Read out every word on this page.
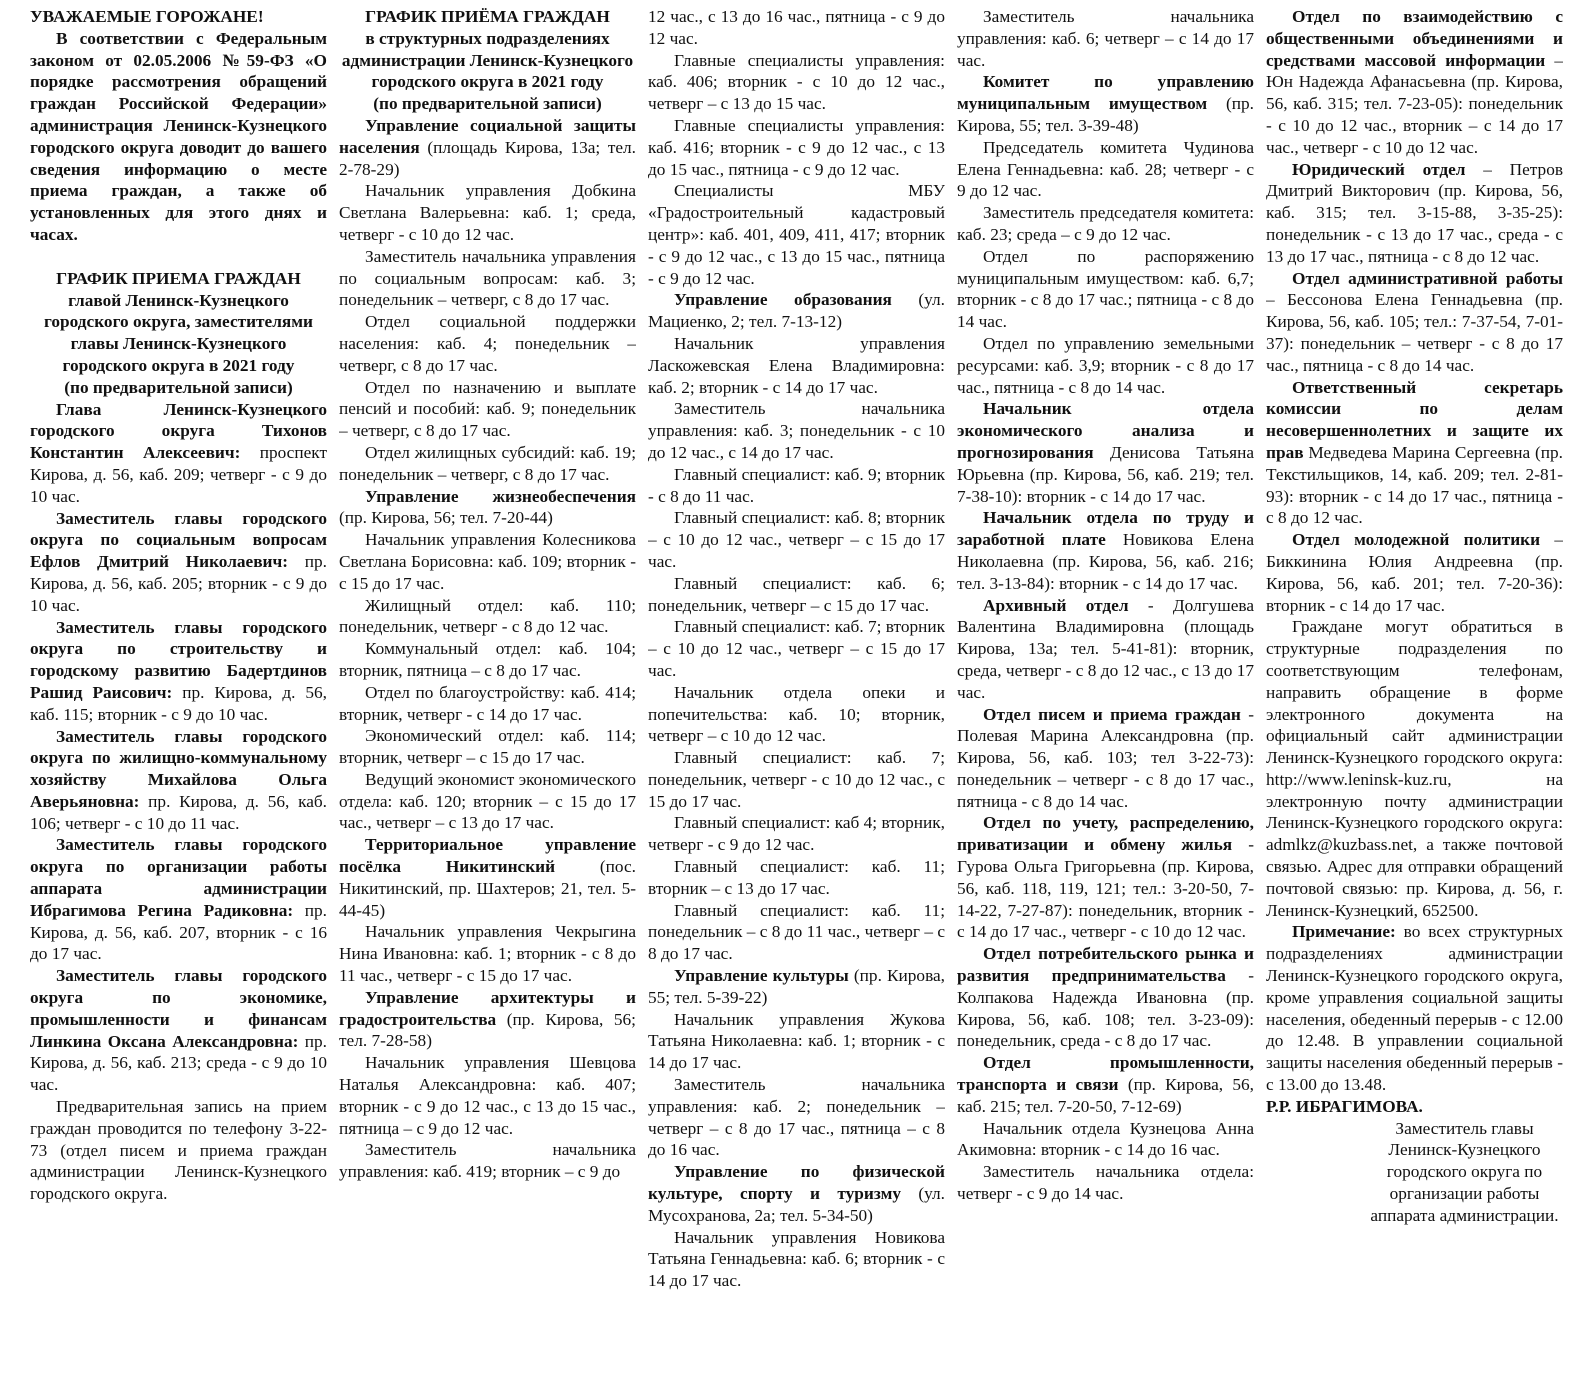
УВАЖАЕМЫЕ ГОРОЖАНЕ!

В соответствии с Федеральным законом от 02.05.2006 №59-ФЗ «О порядке рассмотрения обращений граждан Российской Федерации» администрация Ленинск-Кузнецкого городского округа доводит до вашего сведения информацию о месте приема граждан, а также об установленных для этого днях и часах.

ГРАФИК ПРИЕМА ГРАЖДАН
главой Ленинск-Кузнецкого городского округа, заместителями главы Ленинск-Кузнецкого городского округа в 2021 году
(по предварительной записи)

Глава Ленинск-Кузнецкого городского округа Тихонов Константин Алексеевич: проспект Кирова, д. 56, каб. 209; четверг - с 9 до 10 час.

Заместитель главы городского округа по социальным вопросам Ефлов Дмитрий Николаевич: пр. Кирова, д. 56, каб. 205; вторник - с 9 до 10 час.

Заместитель главы городского округа по строительству и городскому развитию Бадертдинов Рашид Раисович: пр. Кирова, д. 56, каб. 115; вторник - с 9 до 10 час.

Заместитель главы городского округа по жилищно-коммунальному хозяйству Михайлова Ольга Аверьяновна: пр. Кирова, д. 56, каб. 106; четверг - с 10 до 11 час.

Заместитель главы городского округа по организации работы аппарата администрации Ибрагимова Регина Радиковна: пр. Кирова, д. 56, каб. 207, вторник - с 16 до 17 час.

Заместитель главы городского округа по экономике, промышленности и финансам Линкина Оксана Александровна: пр. Кирова, д. 56, каб. 213; среда - с 9 до 10 час.

Предварительная запись на прием граждан проводится по телефону 3-22-73 (отдел писем и приема граждан администрации Ленинск-Кузнецкого городского округа.

ГРАФИК ПРИЁМА ГРАЖДАН
в структурных подразделениях администрации Ленинск-Кузнецкого городского округа в 2021 году
(по предварительной записи)

Управление социальной защиты населения (площадь Кирова, 13а; тел. 2-78-29)

Начальник управления Добкина Светлана Валерьевна: каб. 1; среда, четверг - с 10 до 12 час.

Заместитель начальника управления по социальным вопросам: каб. 3; понедельник – четверг, с 8 до 17 час.

Отдел социальной поддержки населения: каб. 4; понедельник – четверг, с 8 до 17 час.

Отдел по назначению и выплате пенсий и пособий: каб. 9; понедельник – четверг, с 8 до 17 час.

Отдел жилищных субсидий: каб. 19; понедельник – четверг, с 8 до 17 час.

Управление жизнеобеспечения (пр. Кирова, 56; тел. 7-20-44)

Начальник управления Колесникова Светлана Борисовна: каб. 109; вторник - с 15 до 17 час.

Жилищный отдел: каб. 110; понедельник, четверг - с 8 до 12 час.

Коммунальный отдел: каб. 104; вторник, пятница – с 8 до 17 час.

Отдел по благоустройству: каб. 414; вторник, четверг - с 14 до 17 час.

Экономический отдел: каб. 114; вторник, четверг – с 15 до 17 час.

Ведущий экономист экономического отдела: каб. 120; вторник – с 15 до 17 час., четверг – с 13 до 17 час.

Территориальное управление посёлка Никитинский (пос. Никитинский, пр. Шахтеров; 21, тел. 5-44-45)

Начальник управления Чекрыгина Нина Ивановна: каб. 1; вторник - с 8 до 11 час., четверг - с 15 до 17 час.

Управление архитектуры и градостроительства (пр. Кирова, 56; тел. 7-28-58)

Начальник управления Шевцова Наталья Александровна: каб. 407; вторник - с 9 до 12 час., с 13 до 15 час., пятница – с 9 до 12 час.

Заместитель начальника управления: каб. 419; вторник – с 9 до

12 час., с 13 до 16 час., пятница - с 9 до 12 час.

Главные специалисты управления: каб. 406; вторник - с 10 до 12 час., четверг – с 13 до 15 час.

Главные специалисты управления: каб. 416; вторник - с 9 до 12 час., с 13 до 15 час., пятница - с 9 до 12 час.

Специалисты МБУ «Градостроительный кадастровый центр»: каб. 401, 409, 411, 417; вторник - с 9 до 12 час., с 13 до 15 час., пятница - с 9 до 12 час.

Управление образования (ул. Мациенко, 2; тел. 7-13-12)

Начальник управления Ласкожевская Елена Владимировна: каб. 2; вторник - с 14 до 17 час.

Заместитель начальника управления: каб. 3; понедельник - с 10 до 12 час., с 14 до 17 час.

Главный специалист: каб. 9; вторник - с 8 до 11 час.

Главный специалист: каб. 8; вторник – с 10 до 12 час., четверг – с 15 до 17 час.

Главный специалист: каб. 6; понедельник, четверг – с 15 до 17 час.

Главный специалист: каб. 7; вторник – с 10 до 12 час., четверг – с 15 до 17 час.

Начальник отдела опеки и попечительства: каб. 10; вторник, четверг – с 10 до 12 час.

Главный специалист: каб. 7; понедельник, четверг - с 10 до 12 час., с 15 до 17 час.

Главный специалист: каб 4; вторник, четверг - с 9 до 12 час.

Главный специалист: каб. 11; вторник – с 13 до 17 час.

Главный специалист: каб. 11; понедельник – с 8 до 11 час., четверг – с 8 до 17 час.

Управление культуры (пр. Кирова, 55; тел. 5-39-22)

Начальник управления Жукова Татьяна Николаевна: каб. 1; вторник - с 14 до 17 час.

Заместитель начальника управления: каб. 2; понедельник – четверг – с 8 до 17 час., пятница – с 8 до 16 час.

Управление по физической культуре, спорту и туризму (ул. Мусохранова, 2а; тел. 5-34-50)

Начальник управления Новикова Татьяна Геннадьевна: каб. 6; вторник - с 14 до 17 час.

Заместитель начальника управления: каб. 6; четверг – с 14 до 17 час.

Комитет по управлению муниципальным имуществом (пр. Кирова, 55; тел. 3-39-48)

Председатель комитета Чудинова Елена Геннадьевна: каб. 28; четверг - с 9 до 12 час.

Заместитель председателя комитета: каб. 23; среда – с 9 до 12 час.

Отдел по распоряжению муниципальным имуществом: каб. 6,7; вторник - с 8 до 17 час.; пятница - с 8 до 14 час.

Отдел по управлению земельными ресурсами: каб. 3,9; вторник - с 8 до 17 час., пятница - с 8 до 14 час.

Начальник отдела экономического анализа и прогнозирования Денисова Татьяна Юрьевна (пр. Кирова, 56, каб. 219; тел. 7-38-10): вторник - с 14 до 17 час.

Начальник отдела по труду и заработной плате Новикова Елена Николаевна (пр. Кирова, 56, каб. 216; тел. 3-13-84): вторник - с 14 до 17 час.

Архивный отдел - Долгушева Валентина Владимировна (площадь Кирова, 13а; тел. 5-41-81): вторник, среда, четверг - с 8 до 12 час., с 13 до 17 час.

Отдел писем и приема граждан - Полевая Марина Александровна (пр. Кирова, 56, каб. 103; тел 3-22-73): понедельник – четверг - с 8 до 17 час., пятница - с 8 до 14 час.

Отдел по учету, распределению, приватизации и обмену жилья - Гурова Ольга Григорьевна (пр. Кирова, 56, каб. 118, 119, 121; тел.: 3-20-50, 7-14-22, 7-27-87): понедельник, вторник - с 14 до 17 час., четверг - с 10 до 12 час.

Отдел потребительского рынка и развития предпринимательства - Колпакова Надежда Ивановна (пр. Кирова, 56, каб. 108; тел. 3-23-09): понедельник, среда - с 8 до 17 час.

Отдел промышленности, транспорта и связи (пр. Кирова, 56, каб. 215; тел. 7-20-50, 7-12-69)

Начальник отдела Кузнецова Анна Акимовна: вторник - с 14 до 16 час.

Заместитель начальника отдела: четверг - с 9 до 14 час.

Отдел по взаимодействию с общественными объединениями и средствами массовой информации – Юн Надежда Афанасьевна (пр. Кирова, 56, каб. 315; тел. 7-23-05): понедельник - с 10 до 12 час., вторник – с 14 до 17 час., четверг - с 10 до 12 час.

Юридический отдел – Петров Дмитрий Викторович (пр. Кирова, 56, каб. 315; тел. 3-15-88, 3-35-25): понедельник - с 13 до 17 час., среда - с 13 до 17 час., пятница - с 8 до 12 час.

Отдел административной работы – Бессонова Елена Геннадьевна (пр. Кирова, 56, каб. 105; тел.: 7-37-54, 7-01-37): понедельник – четверг - с 8 до 17 час., пятница - с 8 до 14 час.

Ответственный секретарь комиссии по делам несовершеннолетних и защите их прав Медведева Марина Сергеевна (пр. Текстильщиков, 14, каб. 209; тел. 2-81-93): вторник - с 14 до 17 час., пятница - с 8 до 12 час.

Отдел молодежной политики – Биккинина Юлия Андреевна (пр. Кирова, 56, каб. 201; тел. 7-20-36): вторник - с 14 до 17 час.

Граждане могут обратиться в структурные подразделения по соответствующим телефонам, направить обращение в форме электронного документа на официальный сайт администрации Ленинск-Кузнецкого городского округа: http://www.leninsk-kuz.ru, на электронную почту администрации Ленинск-Кузнецкого городского округа: admlkz@kuzbass.net, а также почтовой связью. Адрес для отправки обращений почтовой связью: пр. Кирова, д. 56, г. Ленинск-Кузнецкий, 652500.

Примечание: во всех структурных подразделениях администрации Ленинск-Кузнецкого городского округа, кроме управления социальной защиты населения, обеденный перерыв - с 12.00 до 12.48. В управлении социальной защиты населения обеденный перерыв - с 13.00 до 13.48.

Р.Р. ИБРАГИМОВА.

Заместитель главы Ленинск-Кузнецкого городского округа по организации работы аппарата администрации.
